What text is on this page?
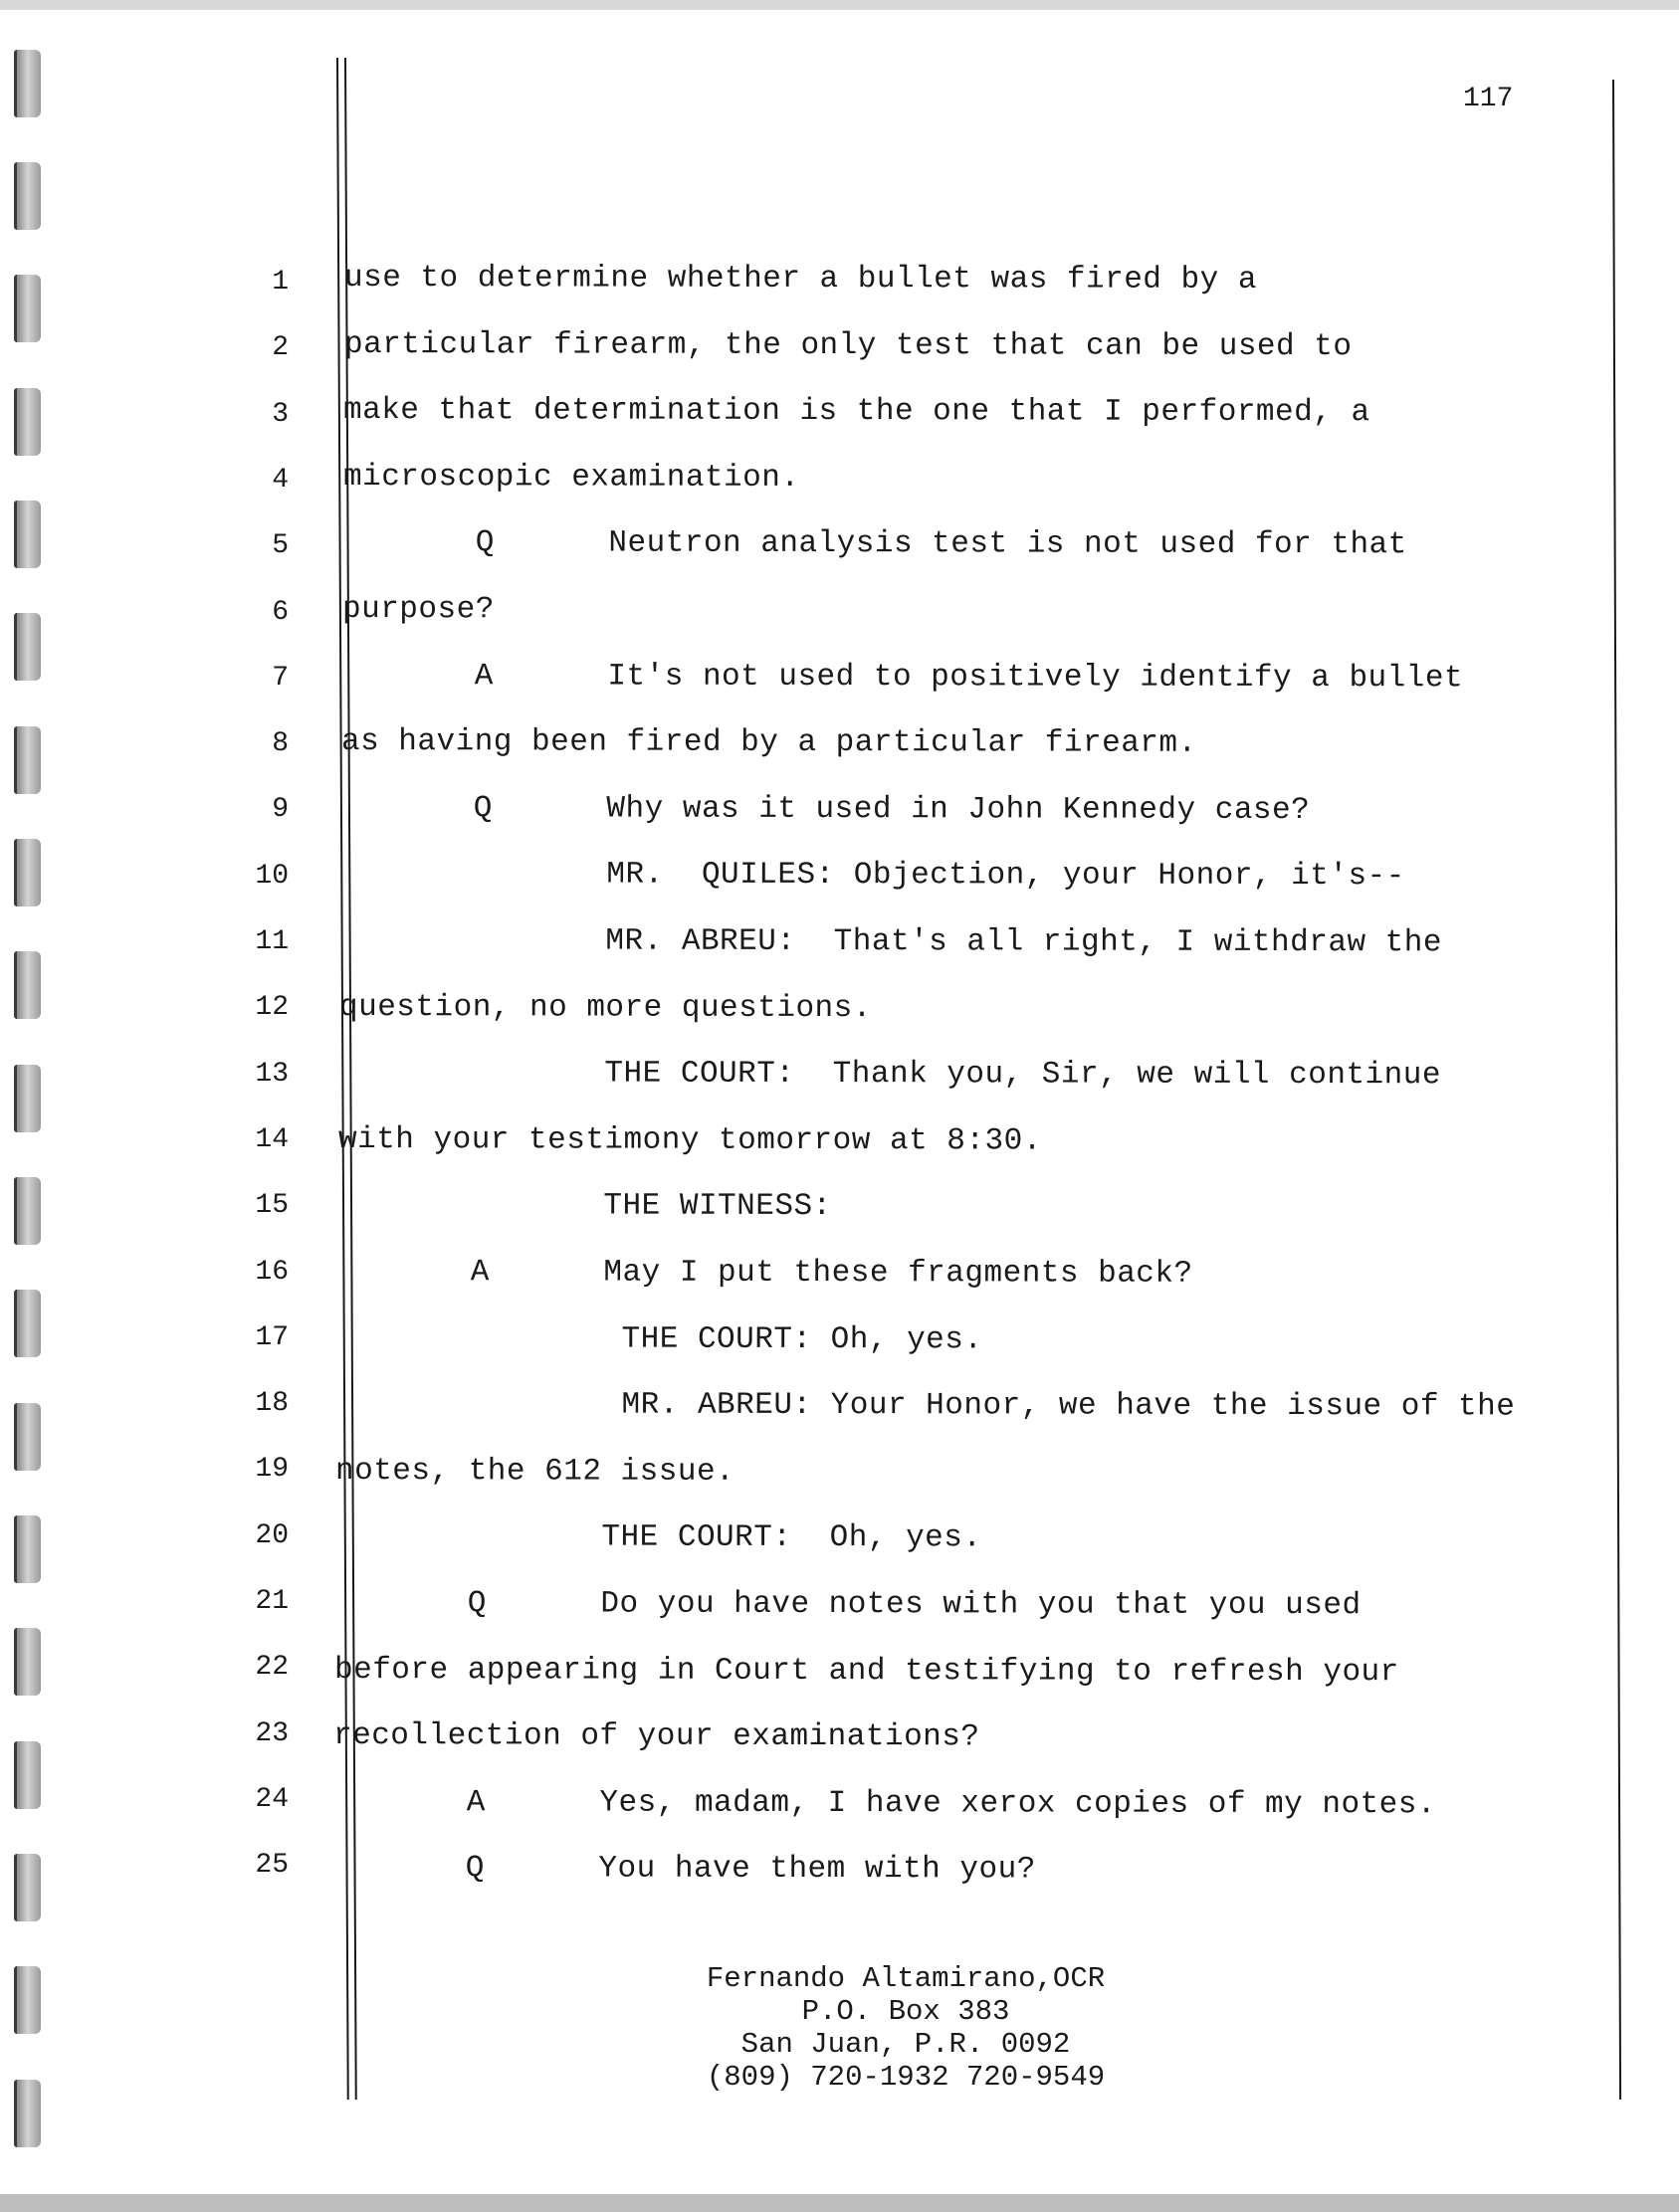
117
1 use to determine whether a bullet was fired by a
2 particular firearm, the only test that can be used to
3 make that determination is the one that I performed, a
4 microscopic examination.
5 Q      Neutron analysis test is not used for that
6 purpose?
7 A      It's not used to positively identify a bullet
8 as having been fired by a particular firearm.
9 Q      Why was it used in John Kennedy case?
10 MR.  QUILES: Objection, your Honor, it's--
11 MR. ABREU:  That's all right, I withdraw the
12 question, no more questions.
13 THE COURT:  Thank you, Sir, we will continue
14 with your testimony tomorrow at 8:30.
15 THE WITNESS:
16 A      May I put these fragments back?
17 THE COURT: Oh, yes.
18 MR. ABREU: Your Honor, we have the issue of the
19 notes, the 612 issue.
20 THE COURT:  Oh, yes.
21 Q      Do you have notes with you that you used
22 before appearing in Court and testifying to refresh your
23 recollection of your examinations?
24 A      Yes, madam, I have xerox copies of my notes.
25 Q      You have them with you?
Fernando Altamirano,OCR
P.O. Box 383
San Juan, P.R. 0092
(809) 720-1932 720-9549
